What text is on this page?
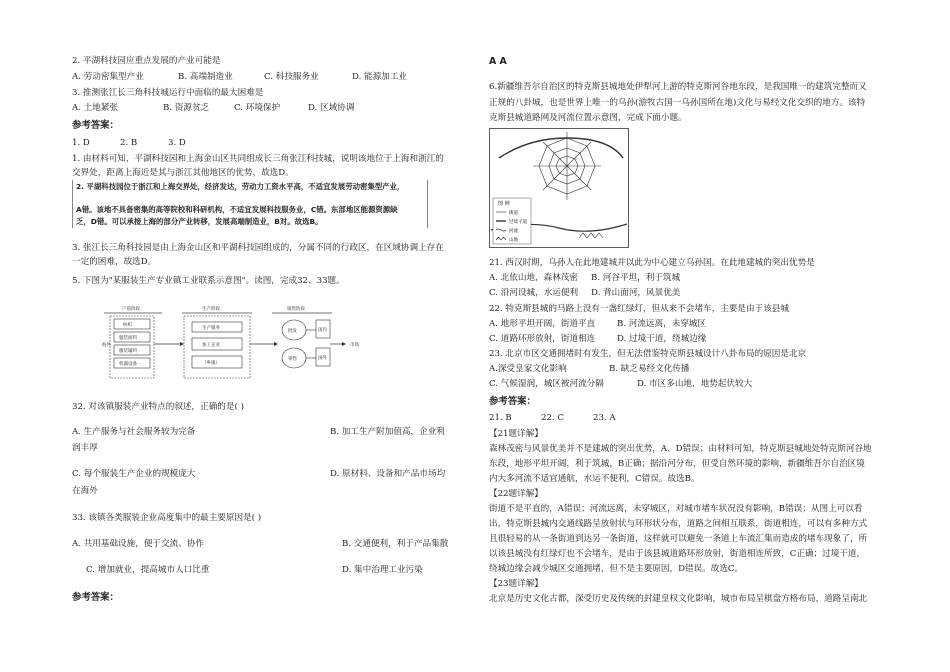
2. 平湖科技园应重点发展的产业可能是
A. 劳动密集型产业	B. 高端制造业	C. 科技服务业	D. 能源加工业
3. 推测张江长三角科技城运行中面临的最大困难是
A. 土地紧张	B. 资源贫乏	C. 环境保护	D. 区域协调
参考答案：
1. D	2. B	3. D
1. 由材料可知，平湖科技园和上海金山区共同组成长三角张江科技城，说明该地位于上海和浙江的
交界处，距离上海近是其与浙江其他地区的优势，故选D。
2. 平湖科技园位于浙江和上海交界处，经济发达，劳动力工资水平高，不适宜发展劳动密集型产业，
A错。该地不具备密集的高等院校和科研机构，不适宜发展科技服务业，C错。东部地区能源资源缺
乏，D错。可以承接上海的部分产业转移，发展高端制造业，B对。故选B。
3. 张江长三角科技园是由上海金山区和平湖科技园组成的，分属不同的行政区，在区域协调上存在
一定的困难，故选D。
5. 下图为"某服装生产专业镇工业联系示意图"。读图，完成32、33题。
产前阶段	生产阶段	销售阶段
纺织
服装面料
服装辅料
机器设备
海外
生产服务
加工企业
（乡镇）
批发
零售
国内
国外
市场
32. 对该镇服装产业特点的叙述，正确的是( )
A. 生产服务与社会服务较为完备	B. 加工生产附加值高，企业利
润丰厚
C. 每个服装生产企业的规模庞大	D. 原材料、设备和产品市场均
在海外
33. 该镇各类服装企业高度集中的最主要原因是( )
A. 共用基础设施，便于交流、协作	B. 交通便利，利于产品集散
C. 增加就业，提高城市人口比重	D. 集中治理工业污染
参考答案：
A A
6.新疆维吾尔自治区的特克斯县城地处伊犁河上游的特克斯河谷地东段，是我国唯一的建筑完整而又
正规的八卦城，也是世界上唯一的乌孙(游牧古国一乌孙国所在地)文化与易经文化交织的地方。该特
克斯县城道路网及河流位置示意图，完成下面小题。
图 例
街道
过境干道
河流
山地
21. 西汉时期，乌孙人在此地建城并以此为中心建立乌孙国。在此地建城的突出优势是
A. 北依山地，森林茂密 B. 河谷平坦，利于筑城
C. 沿河设城，水运便利 D. 背山面河，风景优美
22. 特克斯县城的马路上没有一盏红绿灯，但从来不会堵车，主要是由于该县城
A. 地形平坦开阔，街道平直	B. 河流远离，未穿城区
C. 道路环形放射，街道相连	D. 过境干道，绕城边缘
23. 北京市区交通拥堵时有发生，但无法借鉴特克斯县城设计八卦布局的原因是北京
A.深受皇家文化影响	B. 缺乏易经文化传播
C. 气候湿润，城区被河流分隔	D. 市区多山地，地势起伏较大
参考答案：
21. B	22. C	23. A
【21题详解】
森林茂密与风景优美并不是建城的突出优势，A、D错误；由材料可知，特克斯县城地处特克斯河谷地
东段，地形平坦开阔，利于筑城，B正确；据沿河分布，但受自然环境的影响，新疆维吾尔自治区境
内大多河流不适宜通航，水运不便利，C错误。故选B。
【22题详解】
街道不是平直的，A错误；河流远离，未穿城区，对城市堵车状况没有影响，B错误；从图上可以看
出，特克斯县城内交通线路呈放射状与环形状分布，道路之间相互联系，街道相连，可以有多种方式
且很轻易的从一条街道到达另一条街道，这样就可以避免一条道上车流汇集而造成的堵车现象了，所
以该县城没有红绿灯也不会堵车，是由于该县城道路环形放射，街道相连所致，C正确；过境干道，
绕城边缘会减少城区交通拥堵，但不是主要原因，D错误。故选C。
【23题详解】
北京是历史文化古都，深受历史及传统的封建皇权文化影响，城市布局呈棋盘方格布局，道路呈南北
